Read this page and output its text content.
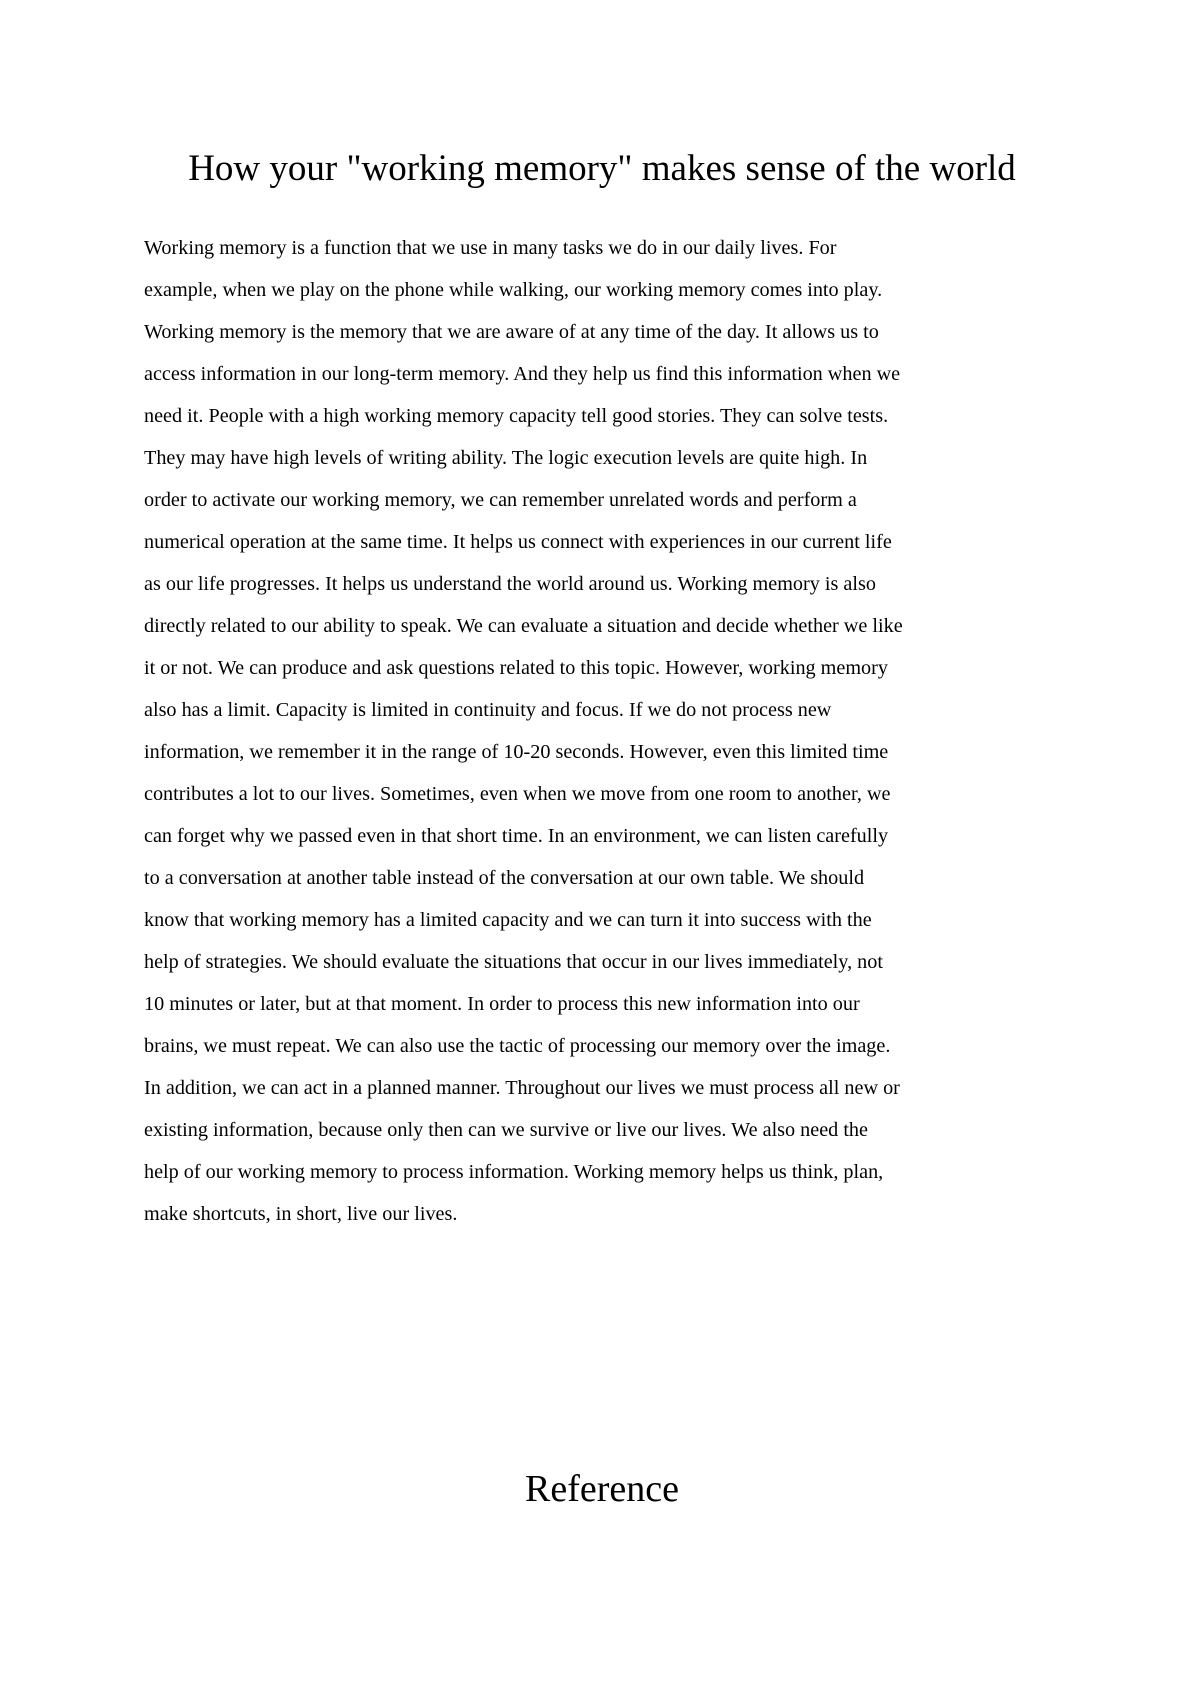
How your "working memory" makes sense of the world
Working memory is a function that we use in many tasks we do in our daily lives. For
example, when we play on the phone while walking, our working memory comes into play.
Working memory is the memory that we are aware of at any time of the day. It allows us to
access information in our long-term memory. And they help us find this information when we
need it. People with a high working memory capacity tell good stories. They can solve tests.
They may have high levels of writing ability. The logic execution levels are quite high. In
order to activate our working memory, we can remember unrelated words and perform a
numerical operation at the same time. It helps us connect with experiences in our current life
as our life progresses. It helps us understand the world around us. Working memory is also
directly related to our ability to speak. We can evaluate a situation and decide whether we like
it or not. We can produce and ask questions related to this topic. However, working memory
also has a limit. Capacity is limited in continuity and focus. If we do not process new
information, we remember it in the range of 10-20 seconds. However, even this limited time
contributes a lot to our lives. Sometimes, even when we move from one room to another, we
can forget why we passed even in that short time. In an environment, we can listen carefully
to a conversation at another table instead of the conversation at our own table. We should
know that working memory has a limited capacity and we can turn it into success with the
help of strategies. We should evaluate the situations that occur in our lives immediately, not
10 minutes or later, but at that moment. In order to process this new information into our
brains, we must repeat. We can also use the tactic of processing our memory over the image.
In addition, we can act in a planned manner. Throughout our lives we must process all new or
existing information, because only then can we survive or live our lives. We also need the
help of our working memory to process information. Working memory helps us think, plan,
make shortcuts, in short, live our lives.
Reference
